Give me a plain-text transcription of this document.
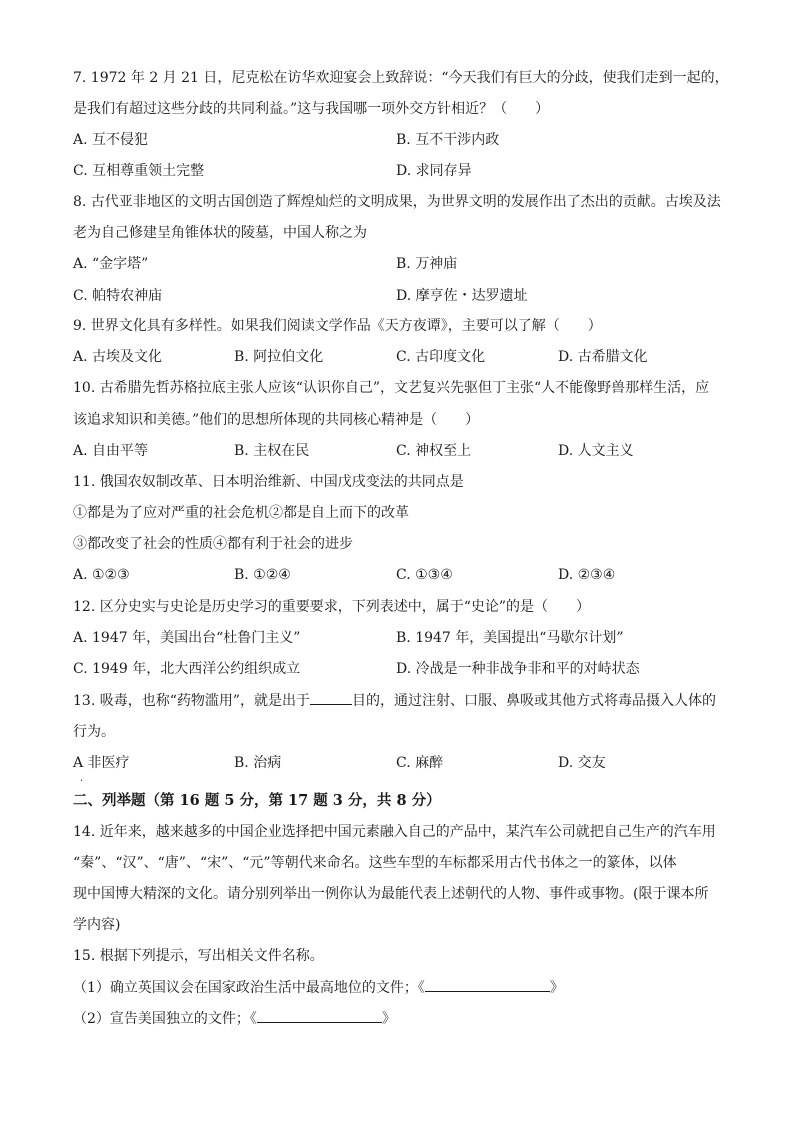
7. 1972 年 2 月 21 日，尼克松在访华欢迎宴会上致辞说：“今天我们有巨大的分歧，使我们走到一起的，
是我们有超过这些分歧的共同利益。”这与我国哪一项外交方针相近？（　　）
A. 互不侵犯	B. 互不干涉内政
C. 互相尊重领土完整	D. 求同存异
8. 古代亚非地区的文明古国创造了辉煌灿烂的文明成果，为世界文明的发展作出了杰出的贡献。古埃及法
老为自己修建呈角锥体状的陵墓，中国人称之为
A. “金字塔”	B. 万神庙
C. 帕特农神庙	D. 摩亨佐・达罗遗址
9. 世界文化具有多样性。如果我们阅读文学作品《天方夜谭》，主要可以了解（　　）
A. 古埃及文化	B. 阿拉伯文化	C. 古印度文化	D. 古希腊文化
10. 古希腊先哲苏格拉底主张人应该“认识你自己”，文艺复兴先驱但丁主张“人不能像野兽那样生活，应
该追求知识和美德。”他们的思想所体现的共同核心精神是（　　）
A. 自由平等	B. 主权在民	C. 神权至上	D. 人文主义
11. 俄国农奴制改革、日本明治维新、中国戊戌变法的共同点是
①都是为了应对严重的社会危机②都是自上而下的改革
③都改变了社会的性质④都有利于社会的进步
A. ①②③	B. ①②④	C. ①③④	D. ②③④
12. 区分史实与史论是历史学习的重要要求，下列表述中，属于“史论”的是（　　）
A. 1947 年，美国出台“杜鲁门主义”	B. 1947 年，美国提出“马歇尔计划”
C. 1949 年，北大西洋公约组织成立	D. 冷战是一种非战争非和平的对峙状态
13. 吸毒，也称“药物滥用”，就是出于	目的，通过注射、口服、鼻吸或其他方式将毒品摄入人体的
行为。
A 非医疗	B. 治病	C. 麻醉	D. 交友
.
二、列举题（第 16 题 5 分，第 17 题 3 分，共 8 分）
14. 近年来，越来越多的中国企业选择把中国元素融入自己的产品中，某汽车公司就把自己生产的汽车用
“秦”、“汉”、“唐”、“宋”、“元”等朝代来命名。这些车型的车标都采用古代书体之一的篆体，以体
现中国博大精深的文化。请分别列举出一例你认为最能代表上述朝代的人物、事件或事物。(限于课本所
学内容)
15. 根据下列提示，写出相关文件名称。
（1）确立英国议会在国家政治生活中最高地位的文件；《	》
（2）宣告美国独立的文件；《	》
